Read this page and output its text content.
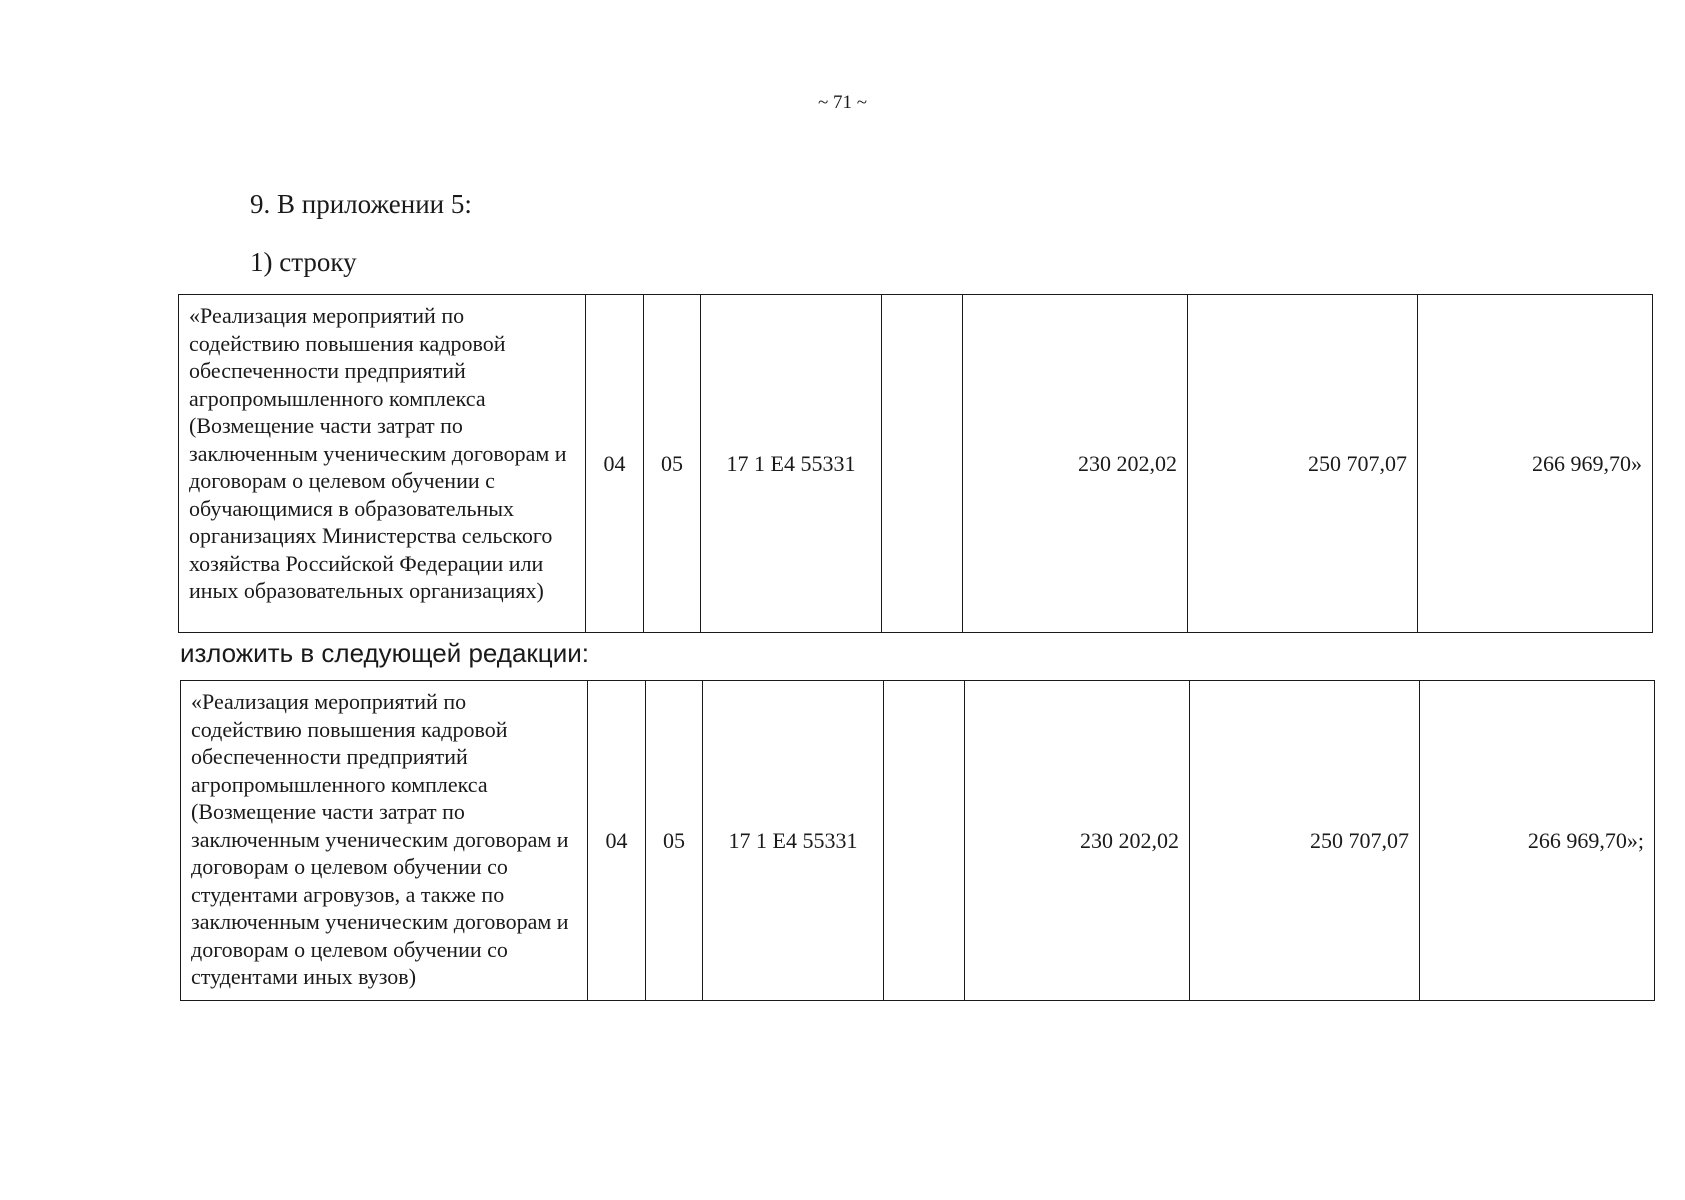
~ 71 ~
9. В приложении 5:
1) строку
«Реализация мероприятий по содействию повышения кадровой обеспеченности предприятий агропромышленного комплекса (Возмещение части затрат по заключенным ученическим договорам и договорам о целевом обучении с обучающимися в образовательных организациях Министерства сельского хозяйства Российской Федерации или иных образовательных организациях)	04	05	17 1 E4 55331		230 202,02	250 707,07	266 969,70»
изложить в следующей редакции:
«Реализация мероприятий по содействию повышения кадровой обеспеченности предприятий агропромышленного комплекса (Возмещение части затрат по заключенным ученическим договорам и договорам о целевом обучении со студентами агровузов, а также по заключенным ученическим договорам и договорам о целевом обучении со студентами иных вузов)	04	05	17 1 E4 55331		230 202,02	250 707,07	266 969,70»;
